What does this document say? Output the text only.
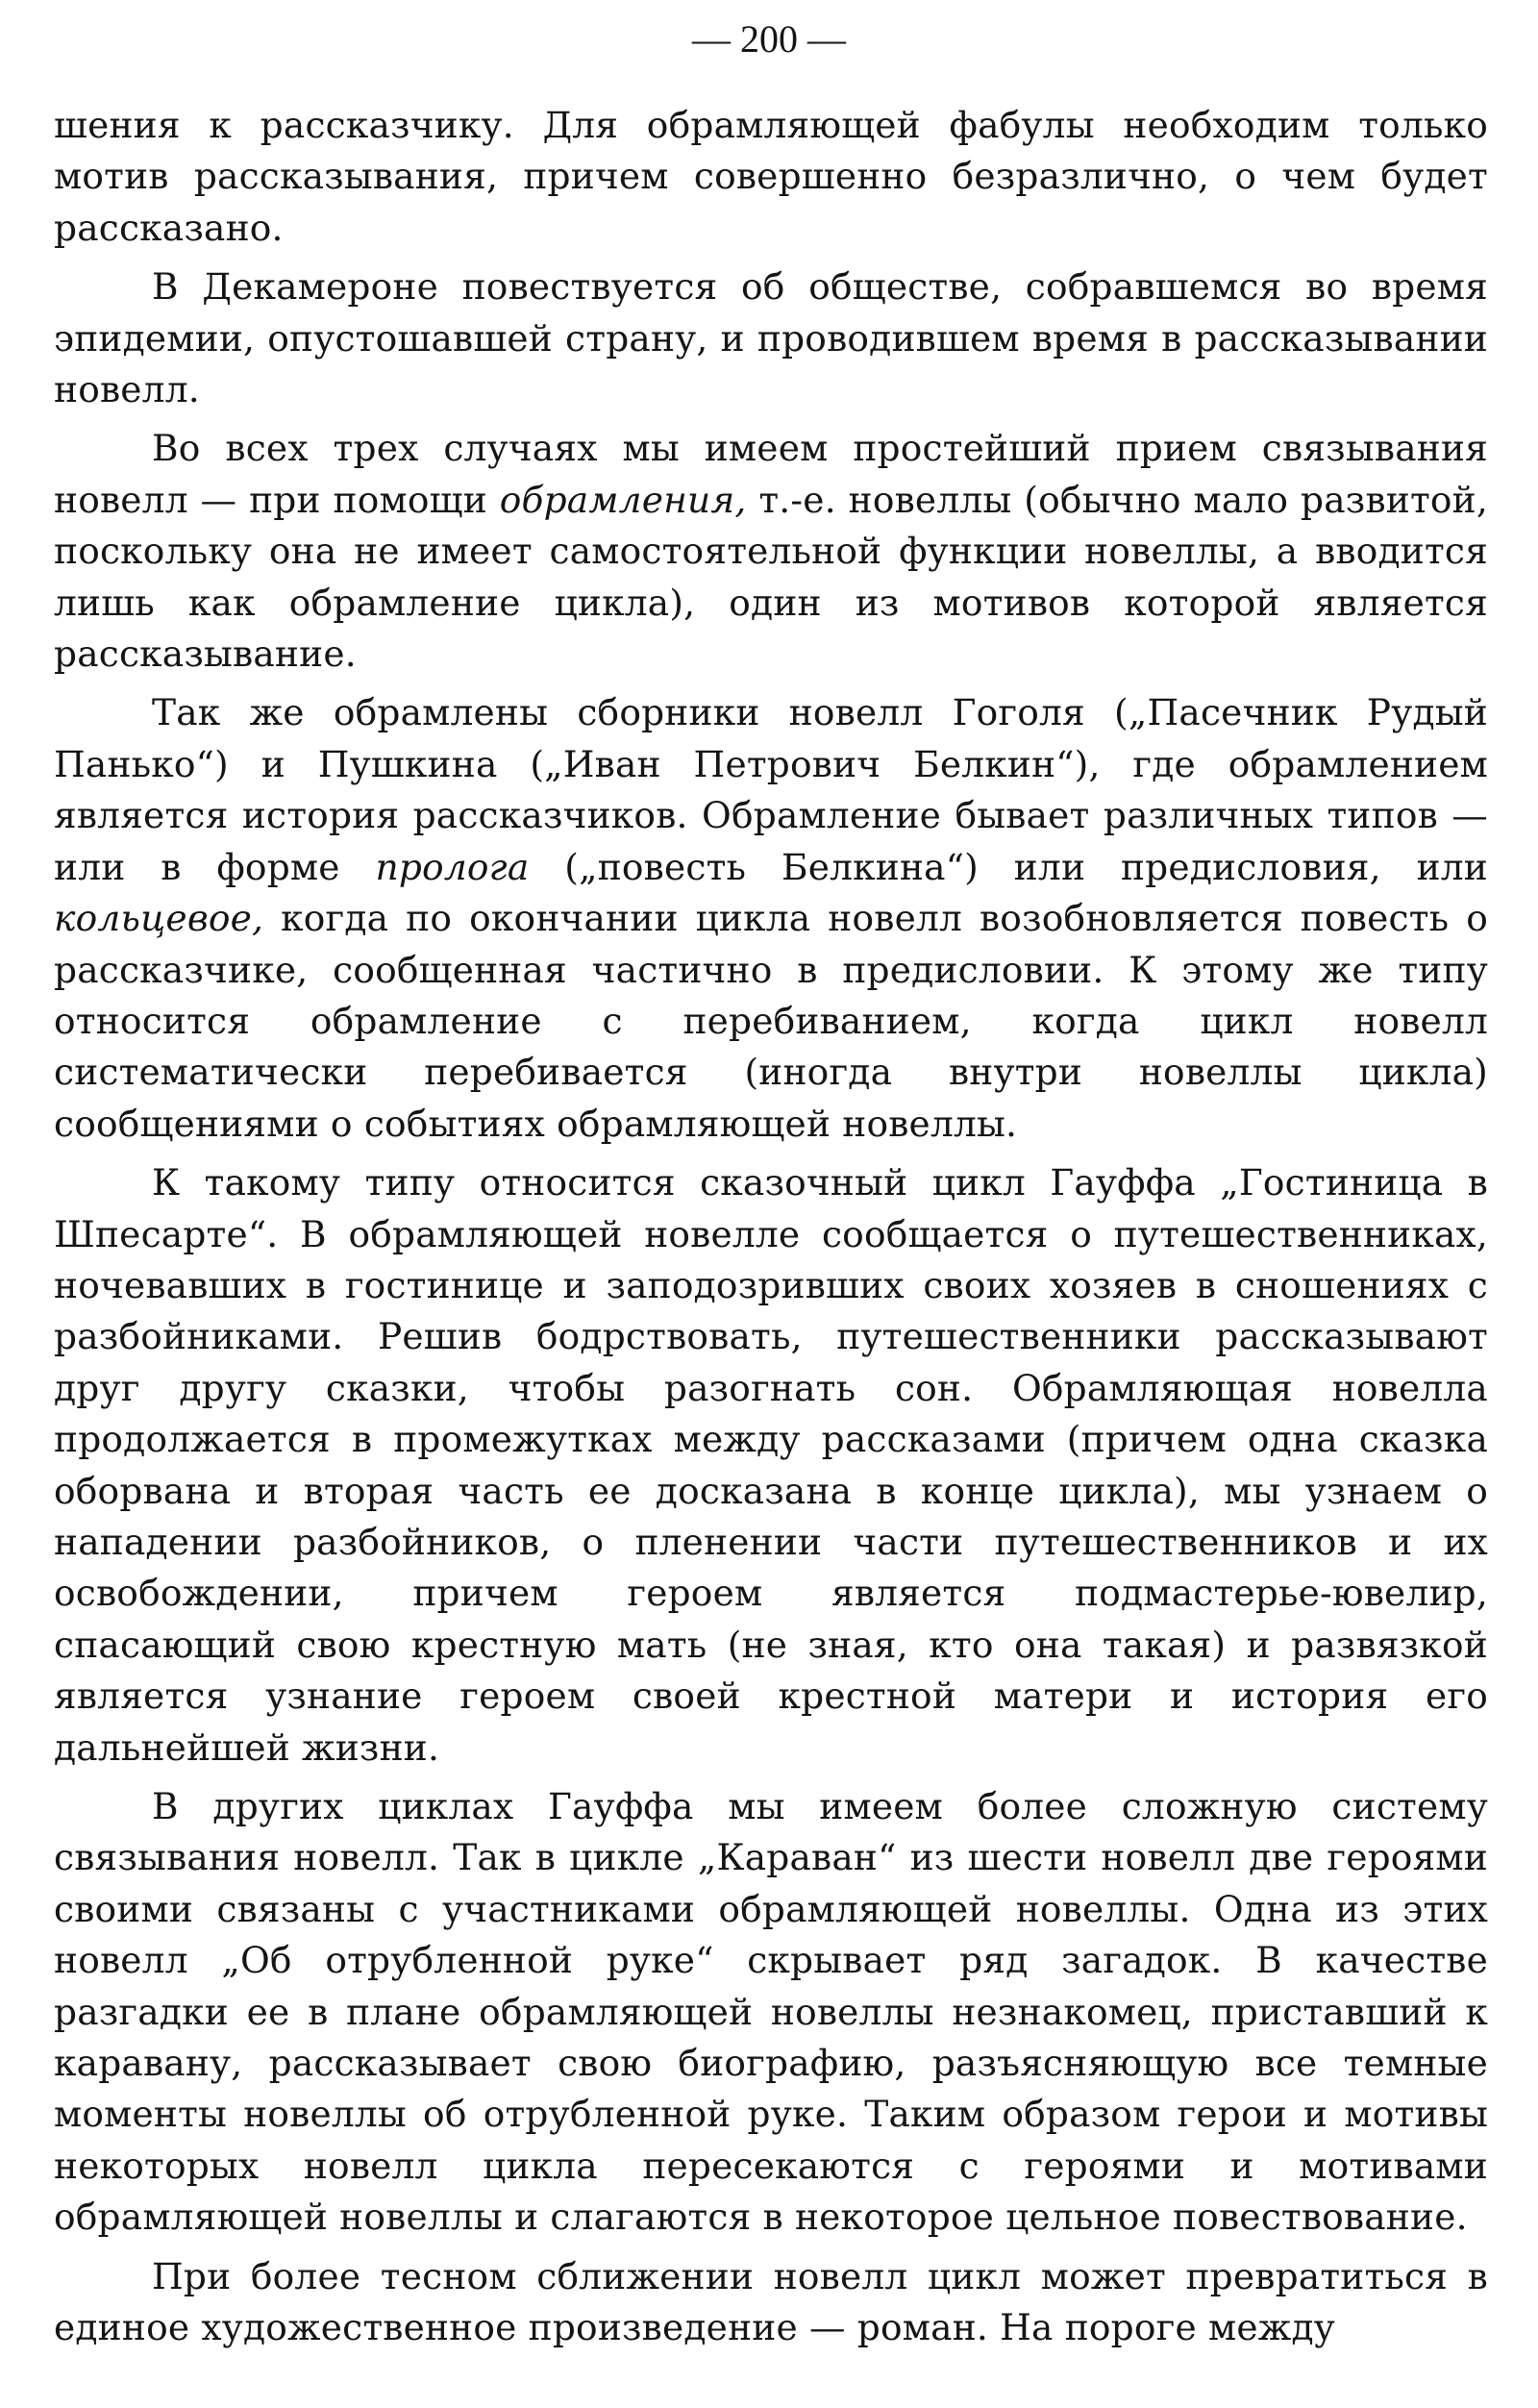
— 200 —

шения к рассказчику. Для обрамляющей фабулы необходим только мотив рассказывания, причем совершенно безразлично, о чем будет рассказано.

В Декамероне повествуется об обществе, собравшемся во время эпидемии, опустошавшей страну, и проводившем время в рассказывании новелл.

Во всех трех случаях мы имеем простейший прием связывания новелл — при помощи обрамления, т.-е. новеллы (обычно мало развитой, поскольку она не имеет самостоятельной функции новеллы, а вводится лишь как обрамление цикла), один из мотивов которой является рассказывание.

Так же обрамлены сборники новелл Гоголя („Пасечник Рудый Панько“) и Пушкина („Иван Петрович Белкин“), где обрамлением является история рассказчиков. Обрамление бывает различных типов — или в форме пролога („повесть Белкина“) или предисловия, или кольцевое, когда по окончании цикла новелл возобновляется повесть о рассказчике, сообщенная частично в предисловии. К этому же типу относится обрамление с перебиванием, когда цикл новелл систематически перебивается (иногда внутри новеллы цикла) сообщениями о событиях обрамляющей новеллы.

К такому типу относится сказочный цикл Гауффа „Гостиница в Шпесарте“. В обрамляющей новелле сообщается о путешественниках, ночевавших в гостинице и заподозривших своих хозяев в сношениях с разбойниками. Решив бодрствовать, путешественники рассказывают друг другу сказки, чтобы разогнать сон. Обрамляющая новелла продолжается в промежутках между рассказами (причем одна сказка оборвана и вторая часть ее досказана в конце цикла), мы узнаем о нападении разбойников, о пленении части путешественников и их освобождении, причем героем является подмастерье-ювелир, спасающий свою крестную мать (не зная, кто она такая) и развязкой является узнание героем своей крестной матери и история его дальнейшей жизни.

В других циклах Гауффа мы имеем более сложную систему связывания новелл. Так в цикле „Караван“ из шести новелл две героями своими связаны с участниками обрамляющей новеллы. Одна из этих новелл „Об отрубленной руке“ скрывает ряд загадок. В качестве разгадки ее в плане обрамляющей новеллы незнакомец, приставший к каравану, рассказывает свою биографию, разъясняющую все темные моменты новеллы об отрубленной руке. Таким образом герои и мотивы некоторых новелл цикла пересекаются с героями и мотивами обрамляющей новеллы и слагаются в некоторое цельное повествование.

При более тесном сближении новелл цикл может превратиться в единое художественное произведение — роман. На пороге между
